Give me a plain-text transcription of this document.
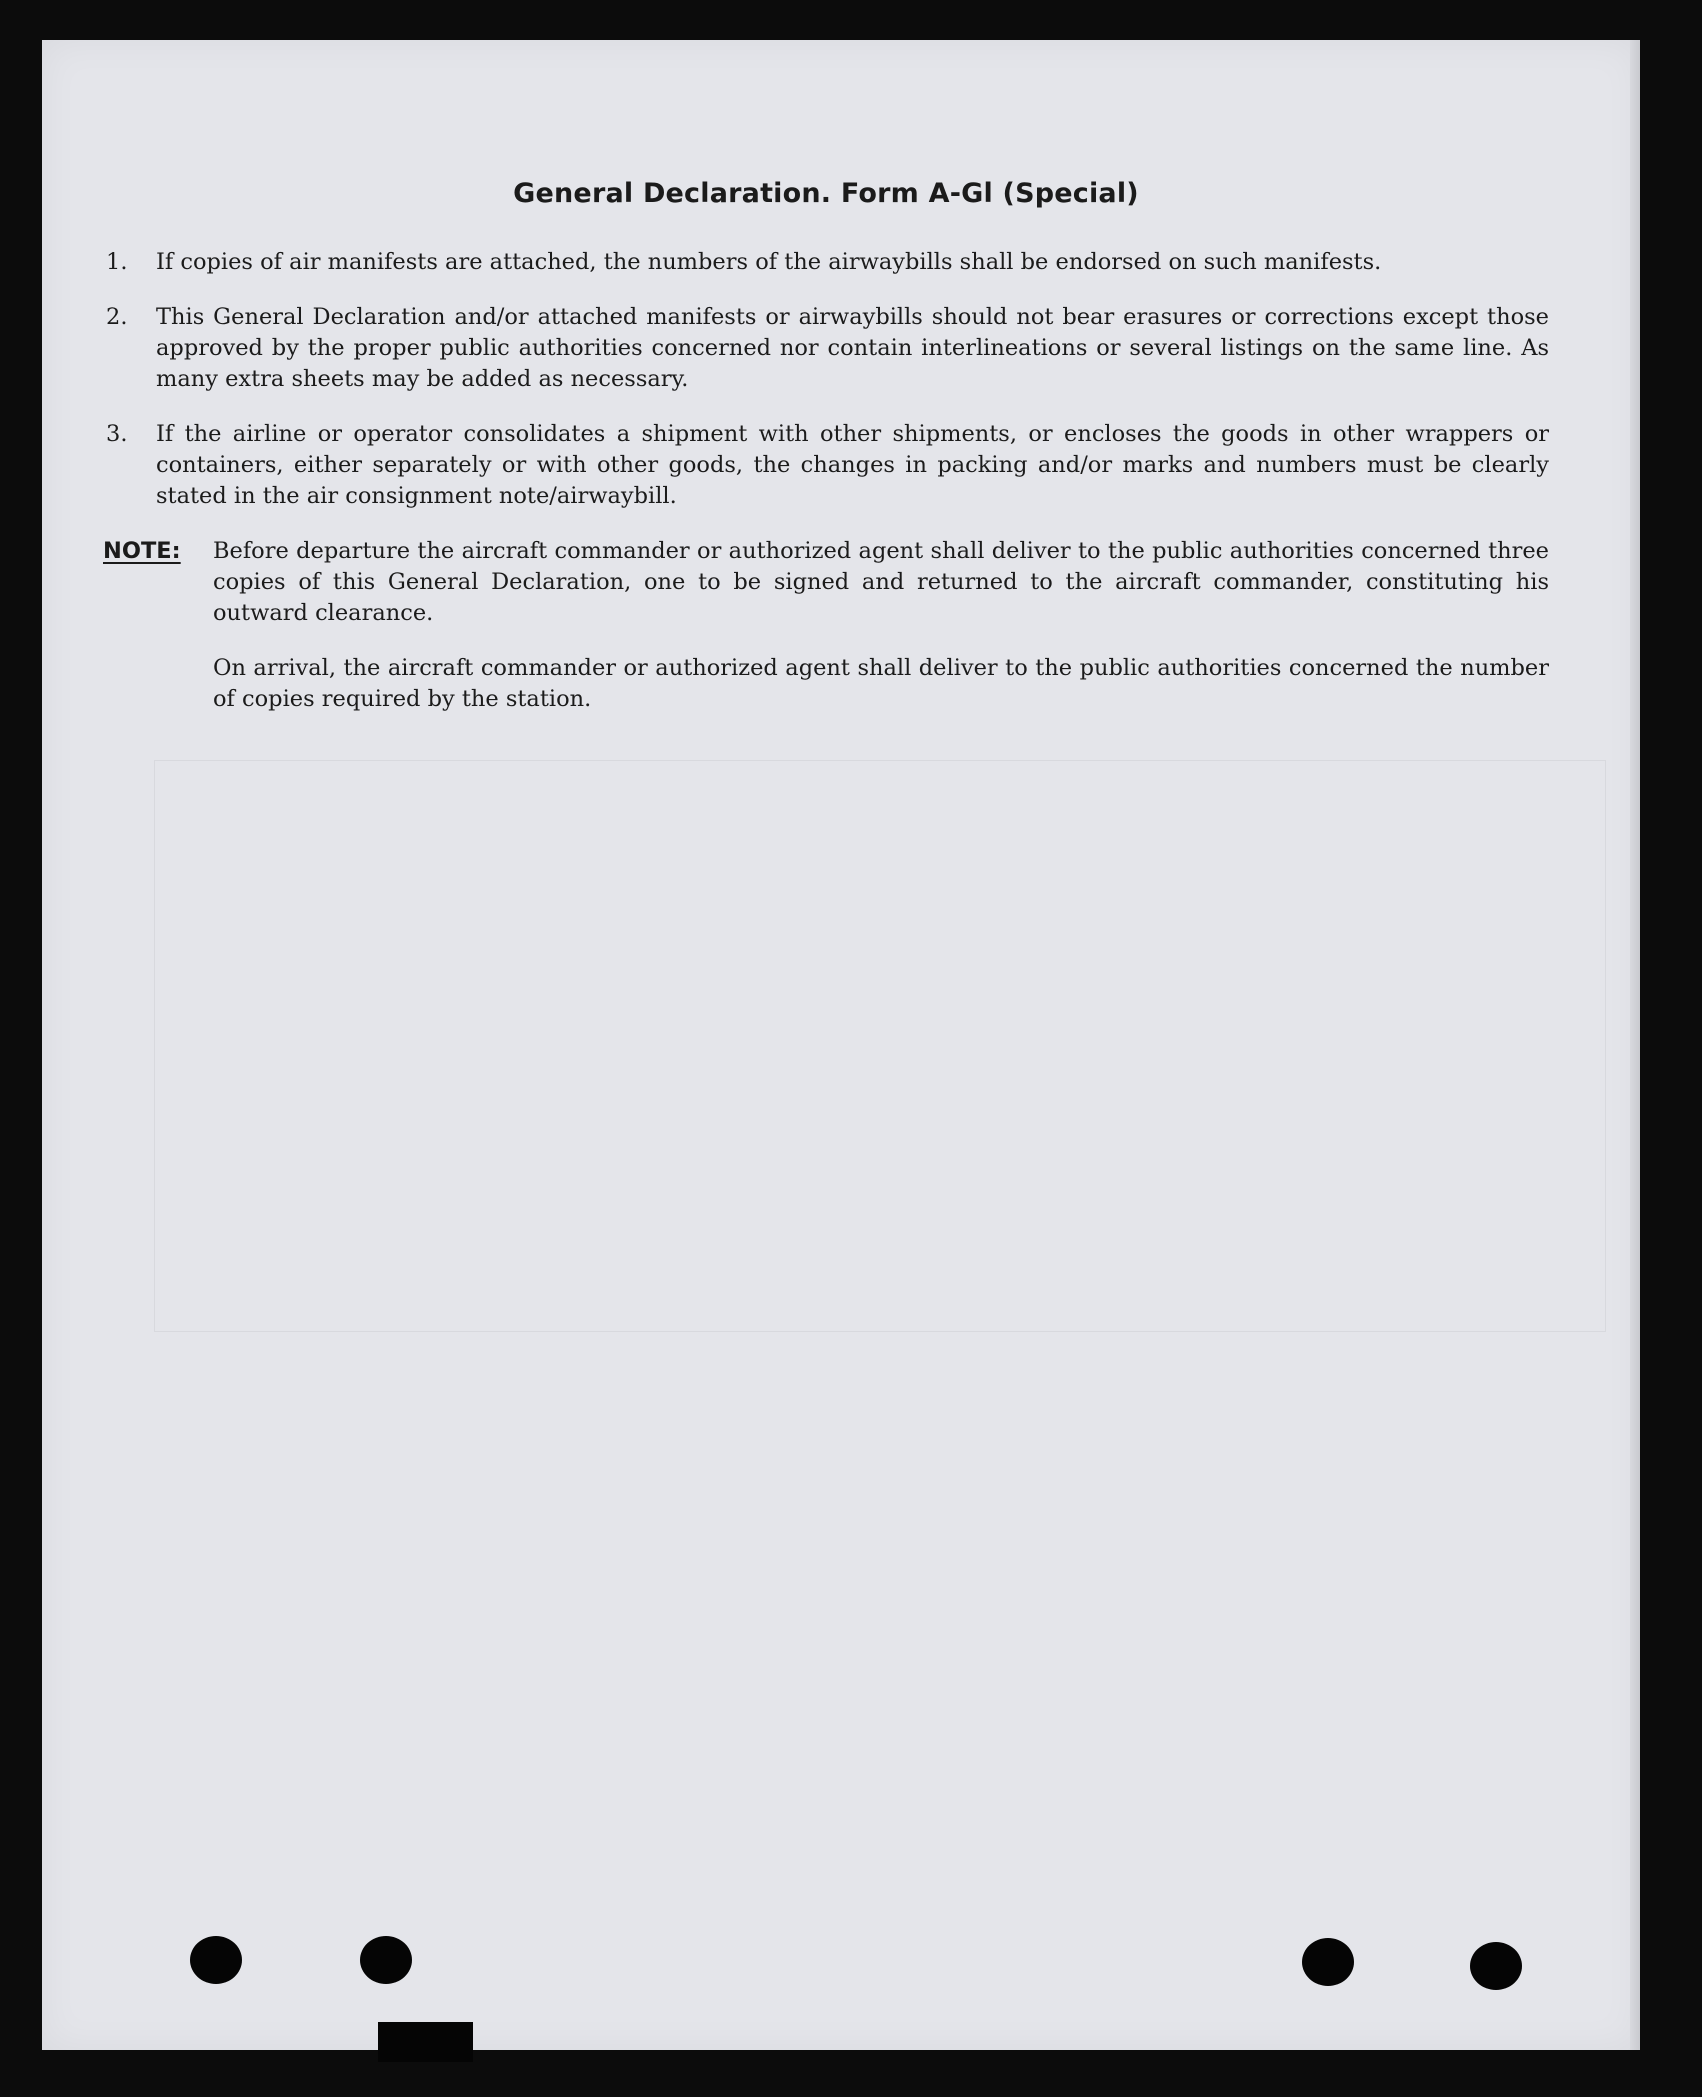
General Declaration. Form A-Gl (Special)
1.	If copies of air manifests are attached, the numbers of the airwaybills shall be endorsed on such manifests.
2.	This General Declaration and/or attached manifests or airwaybills should not bear erasures or corrections except those approved by the proper public authorities concerned nor contain interlineations or several listings on the same line. As many extra sheets may be added as necessary.
3.	If the airline or operator consolidates a shipment with other shipments, or encloses the goods in other wrappers or containers, either separately or with other goods, the changes in packing and/or marks and numbers must be clearly stated in the air consignment note/airwaybill.
NOTE:	Before departure the aircraft commander or authorized agent shall deliver to the public authorities concerned three copies of this General Declaration, one to be signed and returned to the aircraft commander, constituting his outward clearance.
On arrival, the aircraft commander or authorized agent shall deliver to the public authorities concerned the number of copies required by the station.
